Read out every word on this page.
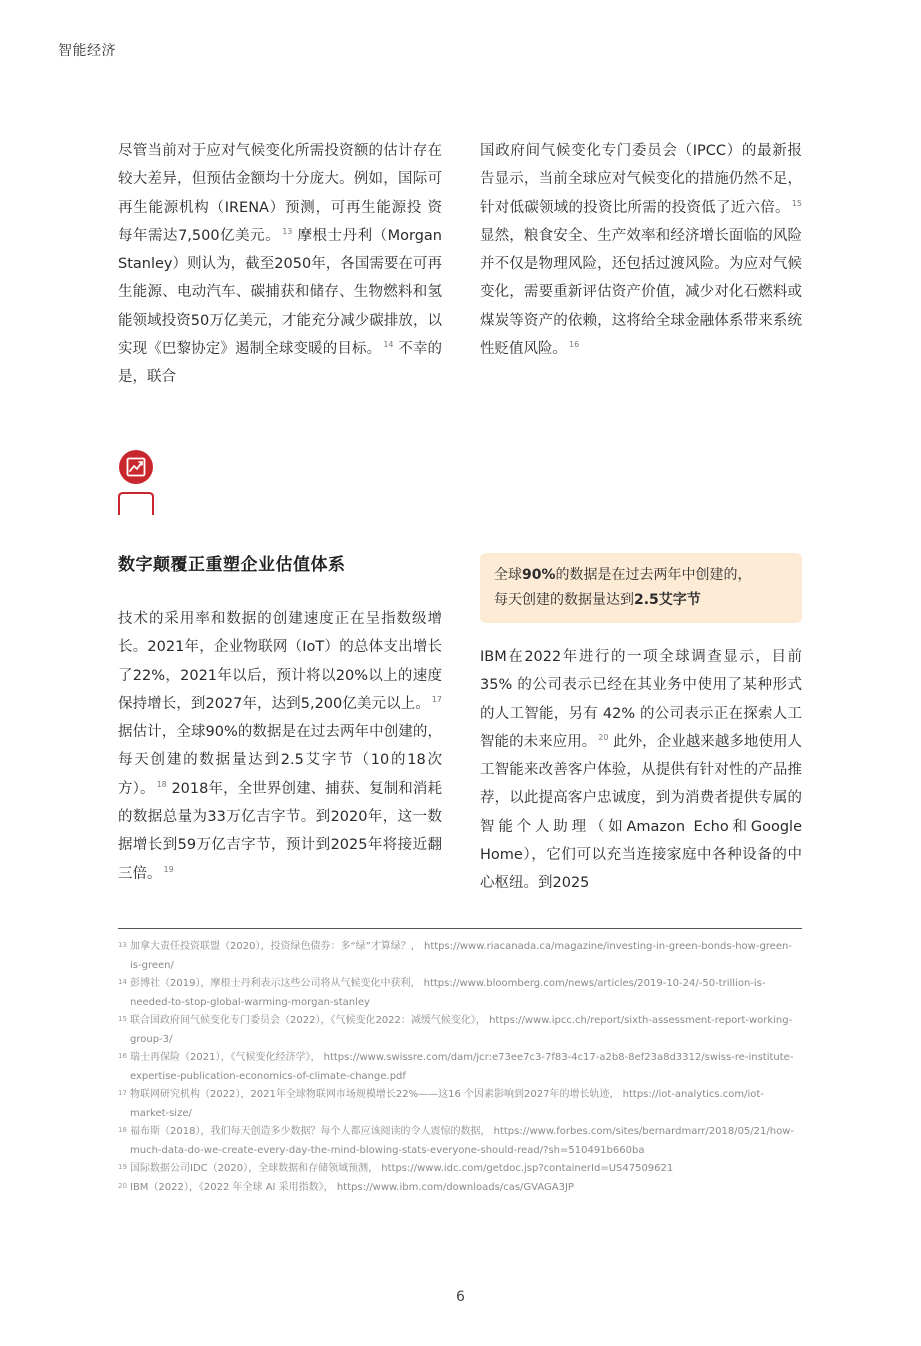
智能经济

尽管当前对于应对气候变化所需投资额的估计存在较大差异，但预估金额均十分庞大。例如，国际可再生能源机构（IRENA）预测，可再生能源投 资每年需达7,500亿美元。 $^{13}$ 摩根士丹利（Morgan Stanley）则认为，截至2050年，各国需要在可再生能源、电动汽车、碳捕获和储存、生物燃料和氢能领域投资50万亿美元，才能充分减少碳排放，以实现《巴黎协定》遏制全球变暖的目标。 $^{14}$ 不幸的是，联合

国政府间气候变化专门委员会（IPCC）的最新报告显示，当前全球应对气候变化的措施仍然不足，针对低碳领域的投资比所需的投资低了近六倍。 $^{15}$ 显然，粮食安全、生产效率和经济增长面临的风险并不仅是物理风险，还包括过渡风险。为应对气候变化，需要重新评估资产价值，减少对化石燃料或煤炭等资产的依赖，这将给全球金融体系带来系统性贬值风险。 $^{16}$

数字颠覆正重塑企业估值体系	全球90%的数据是在过去两年中创建的，
每天创建的数据量达到2.5艾字节

技术的采用率和数据的创建速度正在呈指数级增长。2021年，企业物联网（IoT）的总体支出增长了22%，2021年以后，预计将以20%以上的速度保持增长，到2027年，达到5,200亿美元以上。 $^{17}$ 据估计，全球90%的数据是在过去两年中创建的，每天创建的数据量达到2.5艾字节（10的18次方）。 $^{18}$ 2018年，全世界创建、捕获、复制和消耗的数据总量为33万亿吉字节。到2020年，这一数据增长到59万亿吉字节，预计到2025年将接近翻三倍。 $^{19}$

IBM在2022年进行的一项全球调查显示，目前35% 的公司表示已经在其业务中使用了某种形式的人工智能，另有 42% 的公司表示正在探索人工智能的未来应用。 $^{20}$ 此外，企业越来越多地使用人工智能来改善客户体验，从提供有针对性的产品推荐，以此提高客户忠诚度，到为消费者提供专属的智能个人助理（如Amazon Echo和Google Home），它们可以充当连接家庭中各种设备的中心枢纽。到2025

13 加拿大责任投资联盟（2020），投资绿色债券：多“绿”才算绿？， https://www.riacanada.ca/magazine/investing-in-green-bonds-how-green-is-green/
14 彭博社（2019），摩根士丹利表示这些公司将从气候变化中获利， https://www.bloomberg.com/news/articles/2019-10-24/-50-trillion-is-needed-to-stop-global-warming-morgan-stanley
15 联合国政府间气候变化专门委员会（2022），《气候变化2022：减缓气候变化》， https://www.ipcc.ch/report/sixth-assessment-report-working-group-3/
16 瑞士再保险（2021），《气候变化经济学》， https://www.swissre.com/dam/jcr:e73ee7c3-7f83-4c17-a2b8-8ef23a8d3312/swiss-re-institute-expertise-publication-economics-of-climate-change.pdf
17 物联网研究机构（2022），2021年全球物联网市场规模增长22%——这16 个因素影响到2027年的增长轨迹， https://iot-analytics.com/iot-market-size/
18 福布斯（2018），我们每天创造多少数据？每个人都应该阅读的令人震惊的数据， https://www.forbes.com/sites/bernardmarr/2018/05/21/how-much-data-do-we-create-every-day-the-mind-blowing-stats-everyone-should-read/?sh=510491b660ba
19 国际数据公司IDC（2020），全球数据和存储领域预测， https://www.idc.com/getdoc.jsp?containerId=US47509621
20 IBM（2022），《2022 年全球 AI 采用指数》， https://www.ibm.com/downloads/cas/GVAGA3JP
6
